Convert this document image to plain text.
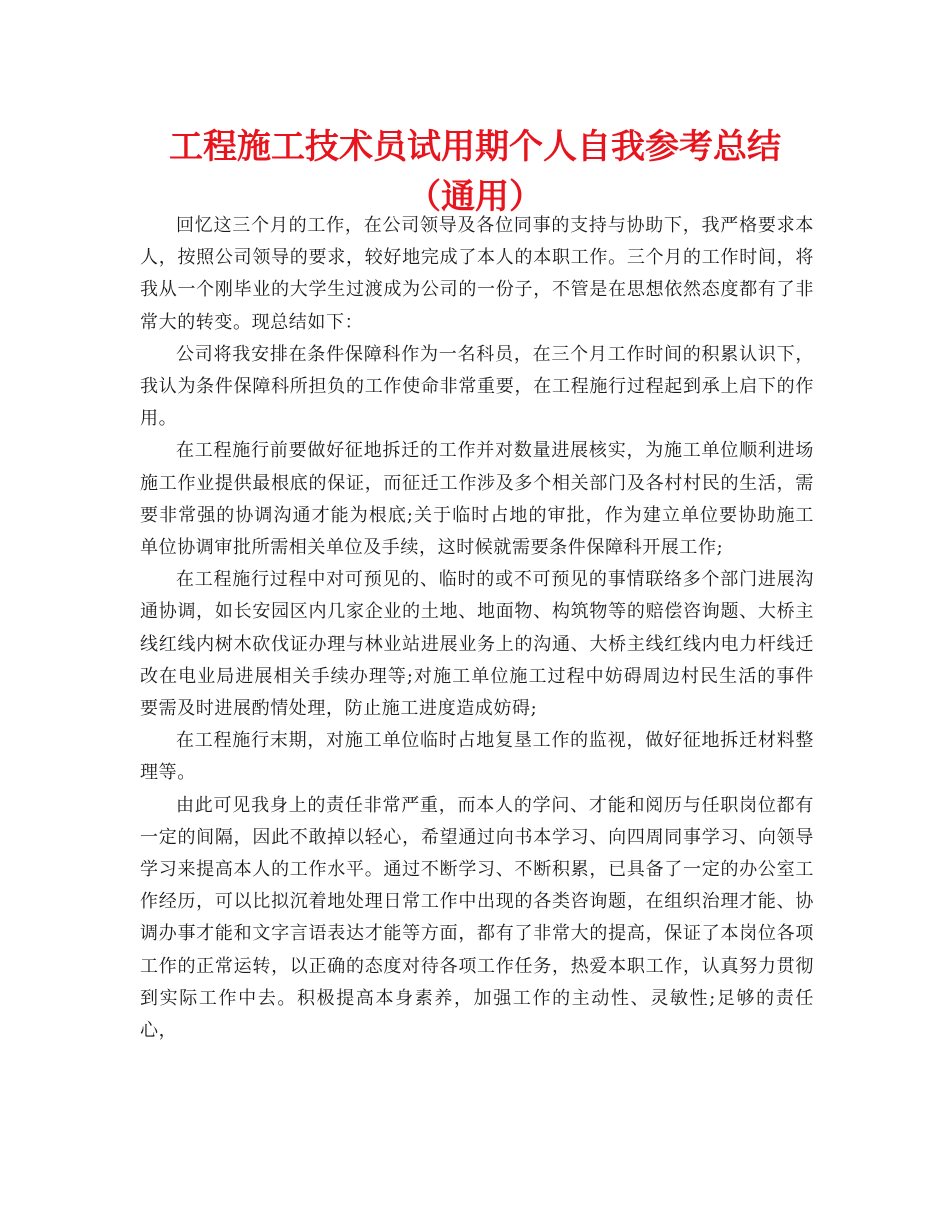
工程施工技术员试用期个人自我参考总结（通用）

回忆这三个月的工作，在公司领导及各位同事的支持与协助下，我严格要求本人，按照公司领导的要求，较好地完成了本人的本职工作。三个月的工作时间，将我从一个刚毕业的大学生过渡成为公司的一份子，不管是在思想依然态度都有了非常大的转变。现总结如下：

公司将我安排在条件保障科作为一名科员，在三个月工作时间的积累认识下，我认为条件保障科所担负的工作使命非常重要，在工程施行过程起到承上启下的作用。

在工程施行前要做好征地拆迁的工作并对数量进展核实，为施工单位顺利进场施工作业提供最根底的保证，而征迁工作涉及多个相关部门及各村村民的生活，需要非常强的协调沟通才能为根底;关于临时占地的审批，作为建立单位要协助施工单位协调审批所需相关单位及手续，这时候就需要条件保障科开展工作;

在工程施行过程中对可预见的、临时的或不可预见的事情联络多个部门进展沟通协调，如长安园区内几家企业的土地、地面物、构筑物等的赔偿咨询题、大桥主线红线内树木砍伐证办理与林业站进展业务上的沟通、大桥主线红线内电力杆线迁改在电业局进展相关手续办理等;对施工单位施工过程中妨碍周边村民生活的事件要需及时进展酌情处理，防止施工进度造成妨碍;

在工程施行末期，对施工单位临时占地复垦工作的监视，做好征地拆迁材料整理等。

由此可见我身上的责任非常严重，而本人的学问、才能和阅历与任职岗位都有一定的间隔，因此不敢掉以轻心，希望通过向书本学习、向四周同事学习、向领导学习来提高本人的工作水平。通过不断学习、不断积累，已具备了一定的办公室工作经历，可以比拟沉着地处理日常工作中出现的各类咨询题，在组织治理才能、协调办事才能和文字言语表达才能等方面，都有了非常大的提高，保证了本岗位各项工作的正常运转，以正确的态度对待各项工作任务，热爱本职工作，认真努力贯彻到实际工作中去。积极提高本身素养，加强工作的主动性、灵敏性;足够的责任心，
